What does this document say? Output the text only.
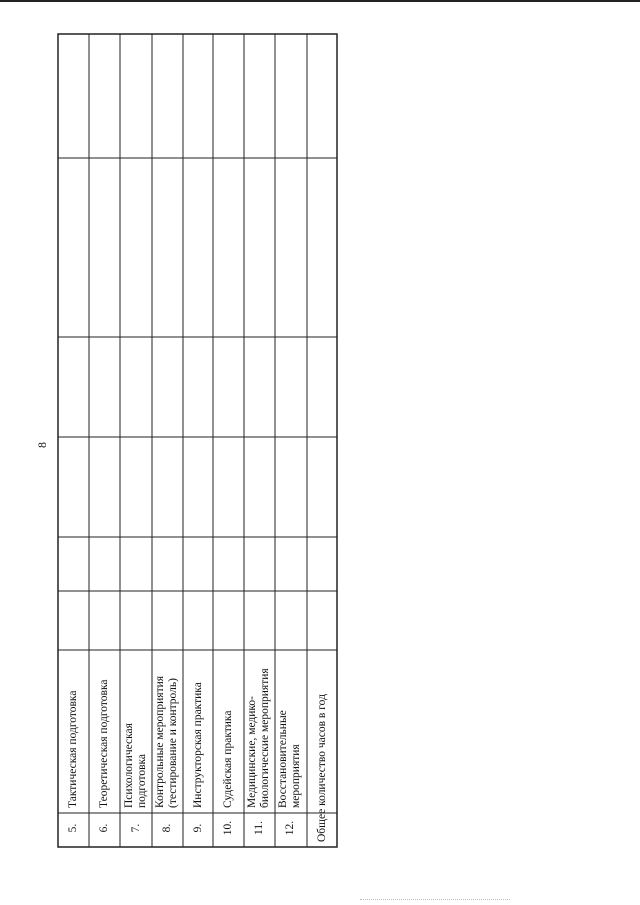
8
Тактическая подготовка
5.
Теоретическая подготовка
6.
Психологическая подготовка
7.
Контрольные мероприятия (тестирование и контроль)
8.
Инструкторская практика
9.
Судейская практика
10.
Медицинские, медико-биологические мероприятия
11.
Восстановительные мероприятия
12. Общее количество часов в год
